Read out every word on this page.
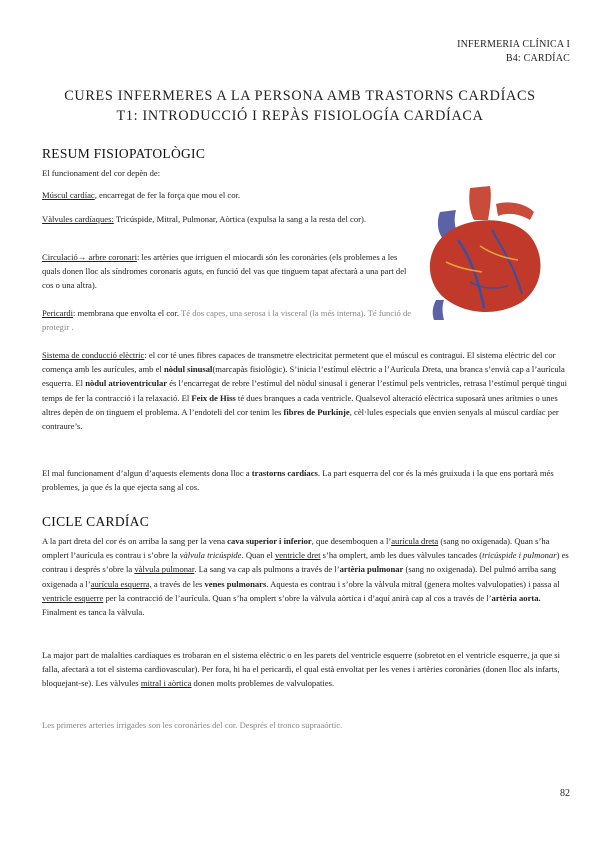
INFERMERIA CLÍNICA I
B4: CARDÍAC
CURES INFERMERES A LA PERSONA AMB TRASTORNS CARDÍACS
T1: INTRODUCCIÓ I REPÀS FISIOLOGÍA CARDÍACA
RESUM FISIOPATOLÒGIC

El funcionament del cor depèn de:

Múscul cardíac, encarregat de fer la força que mou el cor.

Vàlvules cardíaques: Tricúspide, Mitral, Pulmonar, Aòrtica (expulsa la sang a la resta del cor).

Circulació→ arbre coronari: les artèries que irriguen el miocardi són les coronàries (els problemes a les quals donen lloc als síndromes coronaris aguts, en funció del vas que tinguem tapat afectarà a una part del cos o una altra).

Pericardi: membrana que envolta el cor. Té dos capes, una serosa i la visceral (la més interna). Té funció de protegir .

Sistema de conducció elèctric: el cor té unes fibres capaces de transmetre electricitat permetent que el múscul es contragui. El sistema elèctric del cor comença amb les aurícules, amb el nòdul sinusal(marcapàs fisiològic). S’inicia l’estímul elèctric a l’Aurícula Dreta, una branca s’envià cap a l’aurícula esquerra. El nòdul atrioventricular és l’encarregat de rebre l’estímul del nòdul sinusal i generar l’estímul pels ventricles, retrasa l’estímul perquè tingui temps de fer la contracció i la relaxació. El Feix de Hiss té dues branques a cada ventricle. Qualsevol alteració elèctrica suposarà unes arítmies o unes altres depèn de on tinguem el problema. A l’endoteli del cor tenim les fibres de Purkinje, cèl·lules especials que envien senyals al múscul cardíac per contraure’s.

El mal funcionament d’algun d’aquests elements dona lloc a trastorns cardíacs. La part esquerra del cor és la més gruixuda i la que ens portarà més problemes, ja que és la que ejecta sang al cos.

CICLE CARDÍAC

A la part dreta del cor és on arriba la sang per la vena cava superior i inferior, que desemboquen a l’aurícula dreta (sang no oxigenada). Quan s’ha omplert l’aurícula es contrau i s’obre la vàlvula tricúspide. Quan el ventricle dret s’ha omplert, amb les dues vàlvules tancades (tricúspide i pulmonar) es contrau i després s’obre la vàlvula pulmonar. La sang va cap als pulmons a través de l’artèria pulmonar (sang no oxigenada). Del pulmó arriba sang oxigenada a l’aurícula esquerra, a través de les venes pulmonars. Aquesta es contrau i s’obre la vàlvula mitral (genera moltes valvulopaties) i passa al ventricle esquerre per la contracció de l’aurícula. Quan s’ha omplert s’obre la vàlvula aòrtica i d’aquí anirà cap al cos a través de l’artèria aorta. Finalment es tanca la vàlvula.

La major part de malalties cardíaques es trobaran en el sistema elèctric o en les parets del ventricle esquerre (sobretot en el ventricle esquerre, ja que si falla, afectarà a tot el sistema cardiovascular). Per fora, hi ha el pericardi, el qual està envoltat per les venes i artèries coronàries (donen lloc als infarts, bloquejant-se). Les vàlvules mitral i aòrtica donen molts problemes de valvulopaties.

Les primeres arteries irrigades son les coronàries del cor. Després el tronco supraaórtic.

82
